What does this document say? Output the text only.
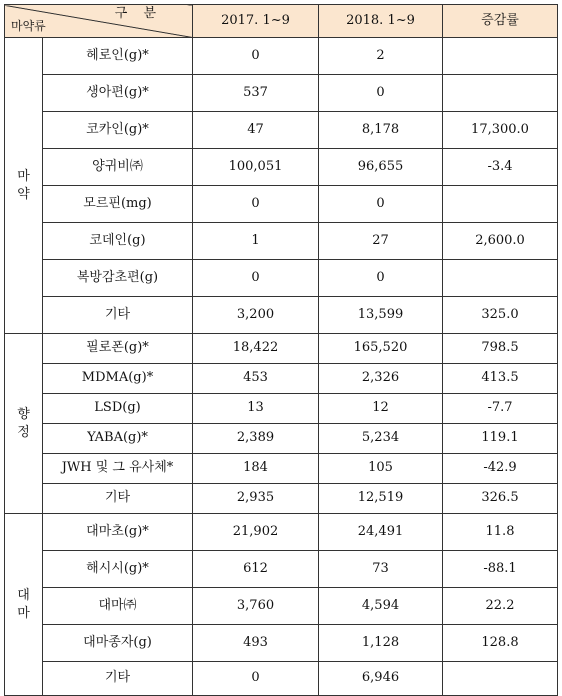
구 분
마약류		2017. 1~9	2018. 1~9	증감률

마
약	헤로인(g)*	0	2	
	생아편(g)*	537	0	
	코카인(g)*	47	8,178	17,300.0
	양귀비㈜	100,051	96,655	-3.4
	모르핀(mg)	0	0	
	코데인(g)	1	27	2,600.0
	복방감초편(g)	0	0	
	기타	3,200	13,599	325.0

향
정	필로폰(g)*	18,422	165,520	798.5
	MDMA(g)*	453	2,326	413.5
	LSD(g)	13	12	-7.7
	YABA(g)*	2,389	5,234	119.1
	JWH 및 그 유사체*	184	105	-42.9
	기타	2,935	12,519	326.5

대
마	대마초(g)*	21,902	24,491	11.8
	해시시(g)*	612	73	-88.1
	대마㈜	3,760	4,594	22.2
	대마종자(g)	493	1,128	128.8
	기타	0	6,946	
